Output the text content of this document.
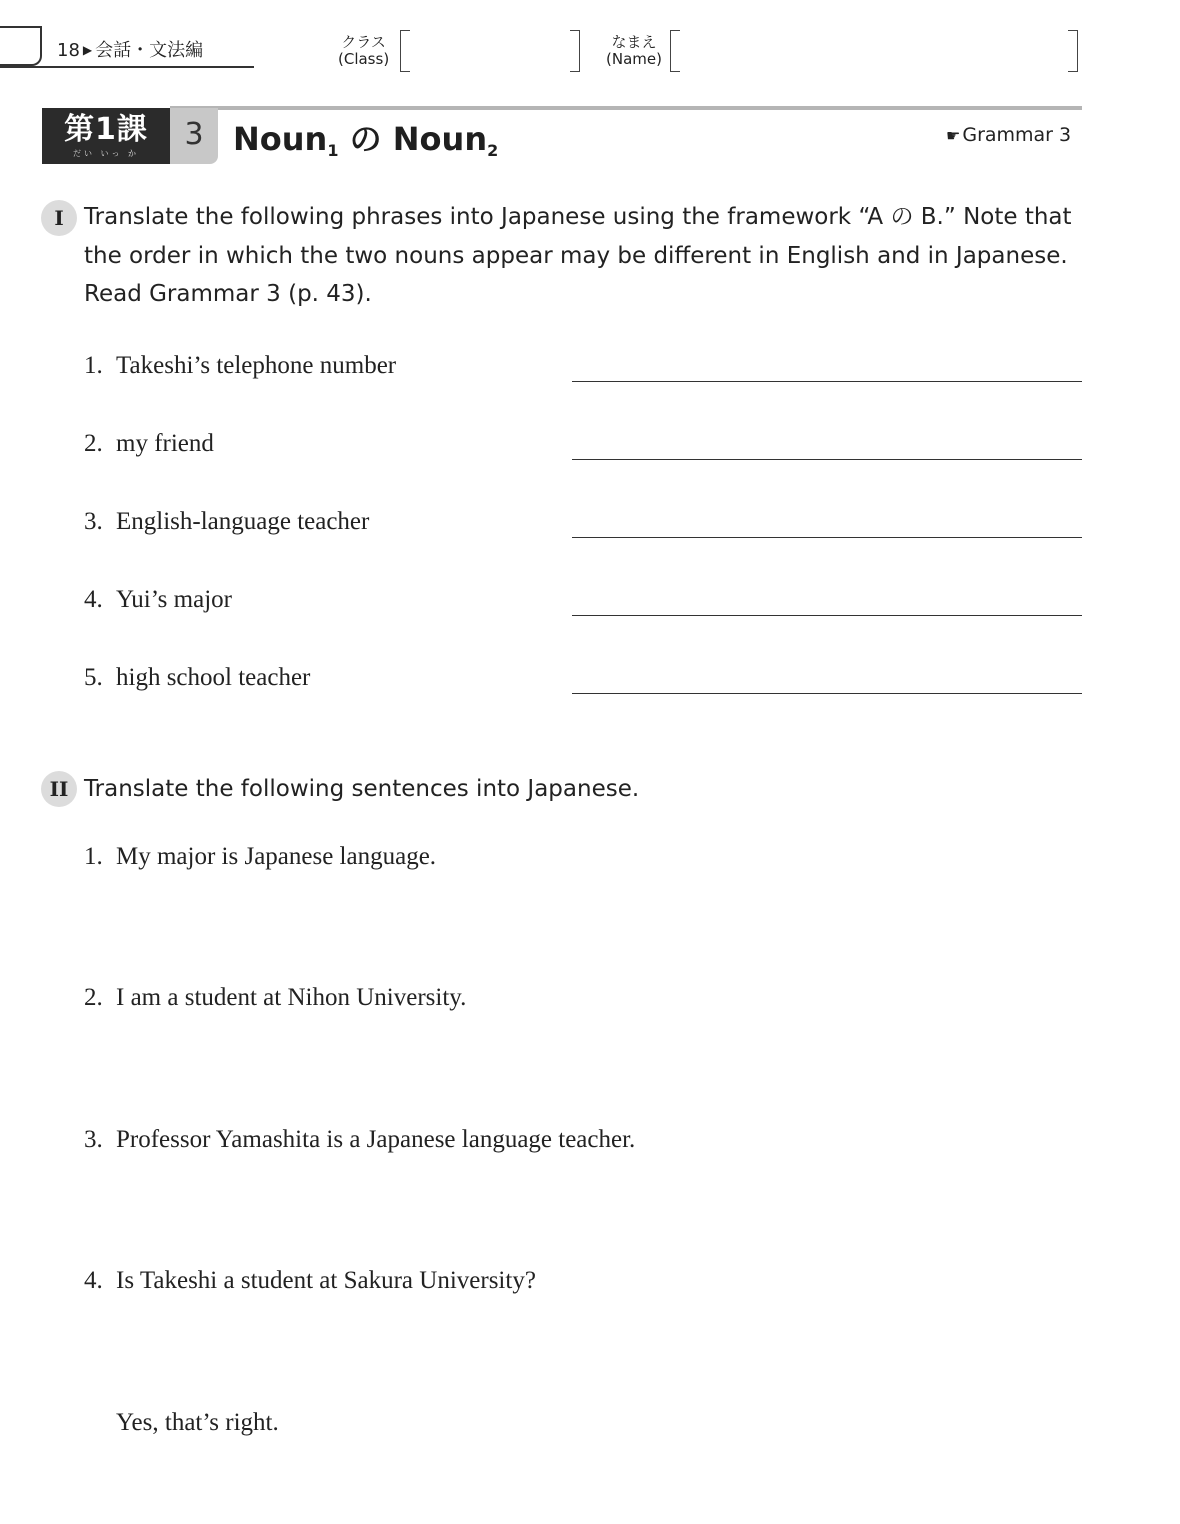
18 ▶ 会話・文法編	クラス
(Class)
なまえ
(Name)
第1課
だい いっ か
3 Noun$_1$ の Noun$_2$
☛ Grammar 3
I Translate the following phrases into Japanese using the framework “A の B.” Note that
the order in which the two nouns appear may be different in English and in Japanese.
Read Grammar 3 (p. 43).
1. Takeshi’s telephone number
2. my friend
3. English-language teacher
4. Yui’s major
5. high school teacher
II Translate the following sentences into Japanese.
1. My major is Japanese language.
2. I am a student at Nihon University.
3. Professor Yamashita is a Japanese language teacher.
4. Is Takeshi a student at Sakura University?
Yes, that’s right.
